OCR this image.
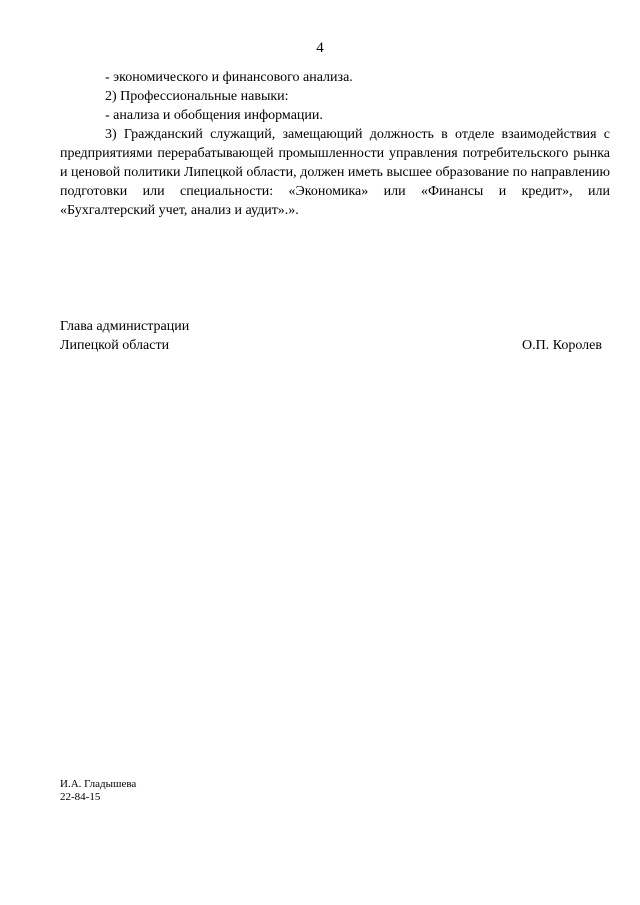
4

- экономического и финансового анализа.

2) Профессиональные навыки:

- анализа и обобщения информации.

3) Гражданский служащий, замещающий должность в отделе взаимодействия с предприятиями перерабатывающей промышленности управления потребительского рынка и ценовой политики Липецкой области, должен иметь высшее образование по направлению подготовки или специальности: «Экономика» или «Финансы и кредит», или «Бухгалтерский учет, анализ и аудит».».

Глава администрации
Липецкой области	О.П. Королев
И.А. Гладышева
22-84-15
